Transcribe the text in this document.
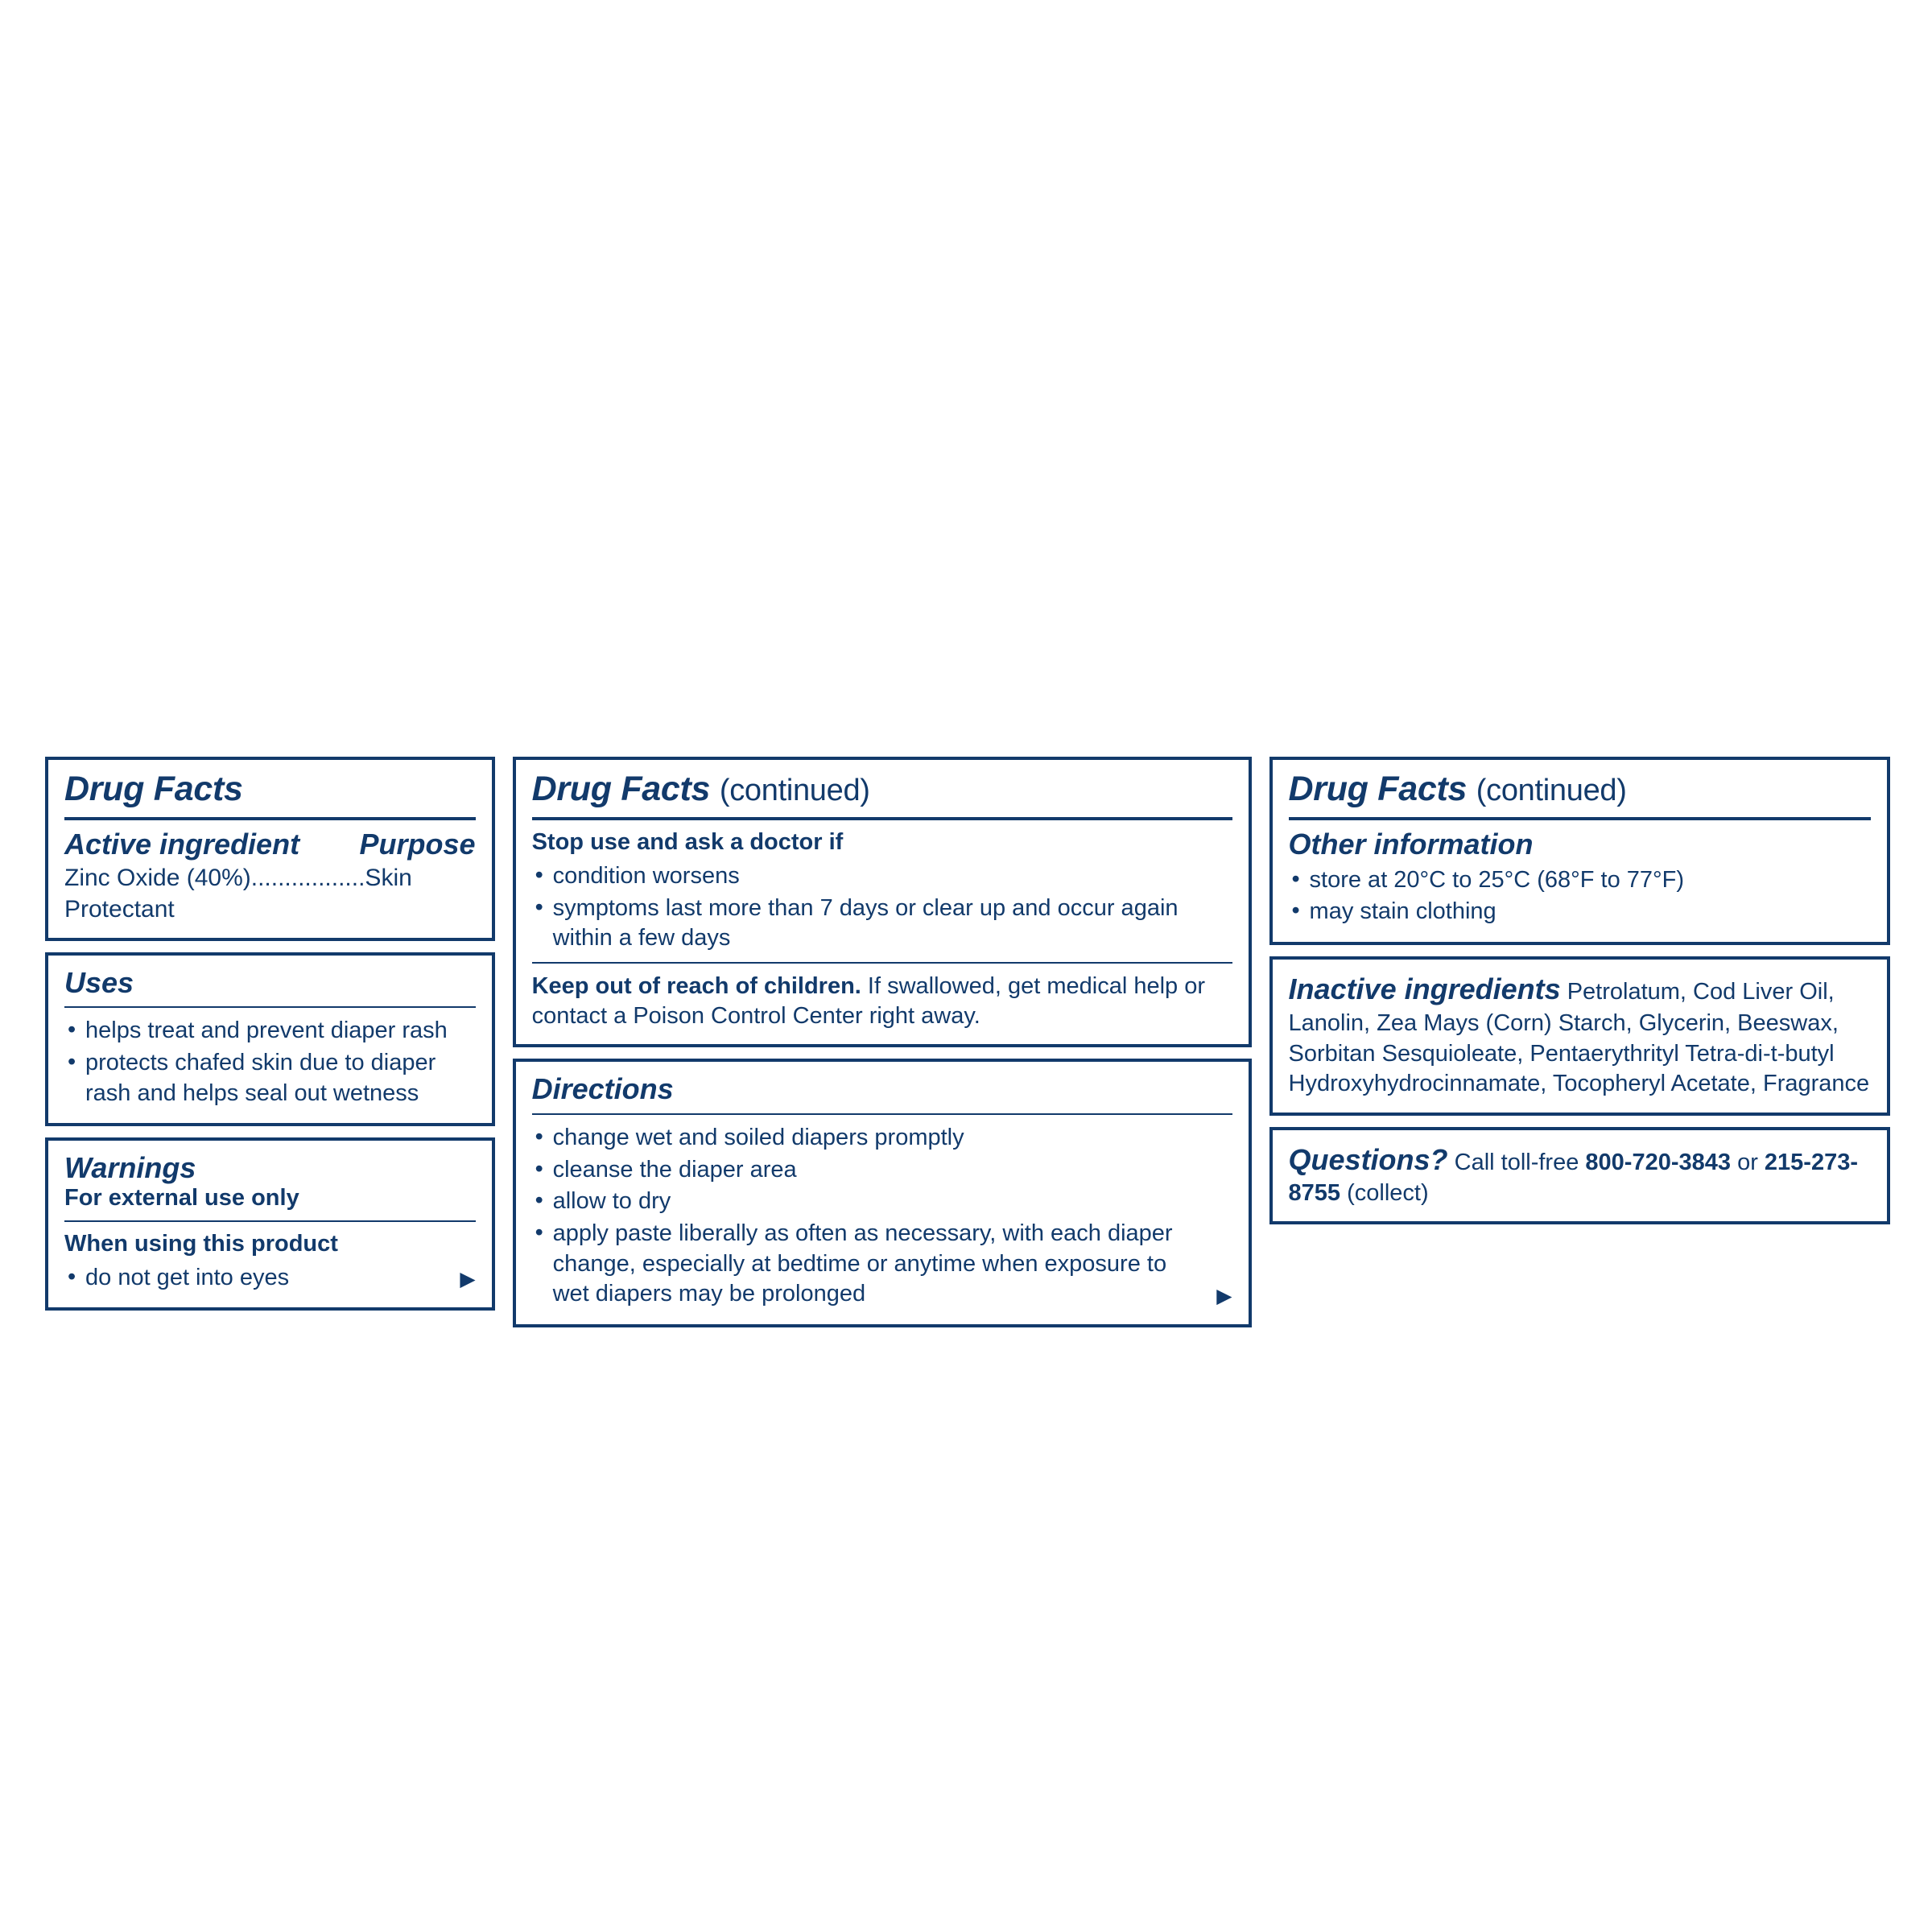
Drug Facts
Active ingredient Purpose
Zinc Oxide (40%).................Skin Protectant
Uses
• helps treat and prevent diaper rash
• protects chafed skin due to diaper rash and helps seal out wetness
Warnings
For external use only
When using this product
• do not get into eyes	▶
Drug Facts (continued)
Stop use and ask a doctor if
• condition worsens
• symptoms last more than 7 days or clear up and occur again within a few days
Keep out of reach of children. If swallowed, get medical help or contact a Poison Control Center right away.
Directions
• change wet and soiled diapers promptly
• cleanse the diaper area
• allow to dry
• apply paste liberally as often as necessary, with each diaper change, especially at bedtime or anytime when exposure to wet diapers may be prolonged	▶
Drug Facts (continued)
Other information
• store at 20°C to 25°C (68°F to 77°F)
• may stain clothing
Inactive ingredients Petrolatum, Cod Liver Oil, Lanolin, Zea Mays (Corn) Starch, Glycerin, Beeswax, Sorbitan Sesquioleate, Pentaerythrityl Tetra-di-t-butyl Hydroxyhydrocinnamate, Tocopheryl Acetate, Fragrance
Questions? Call toll-free 800-720-3843 or 215-273-8755 (collect)
